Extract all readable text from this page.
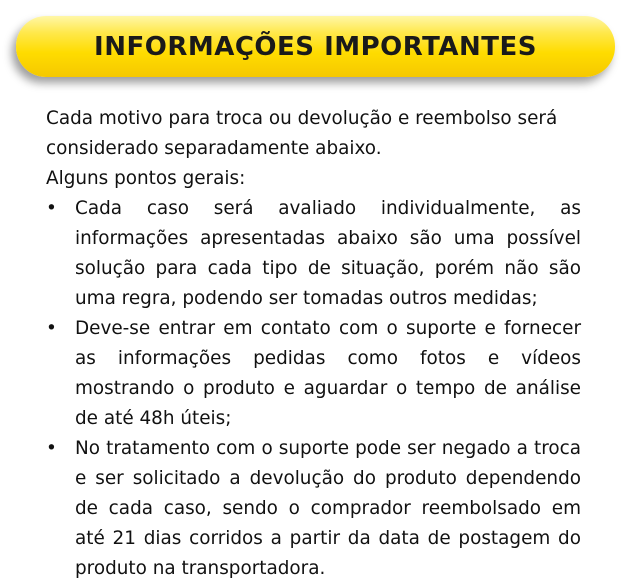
INFORMAÇÕES IMPORTANTES

Cada motivo para troca ou devolução e reembolso será considerado separadamente abaixo.

Alguns pontos gerais:

• Cada caso será avaliado individualmente, as informações apresentadas abaixo são uma possível solução para cada tipo de situação, porém não são uma regra, podendo ser tomadas outros medidas;
• Deve-se entrar em contato com o suporte e fornecer as informações pedidas como fotos e vídeos mostrando o produto e aguardar o tempo de análise de até 48h úteis;
• No tratamento com o suporte pode ser negado a troca e ser solicitado a devolução do produto dependendo de cada caso, sendo o comprador reembolsado em até 21 dias corridos a partir da data de postagem do produto na transportadora.
